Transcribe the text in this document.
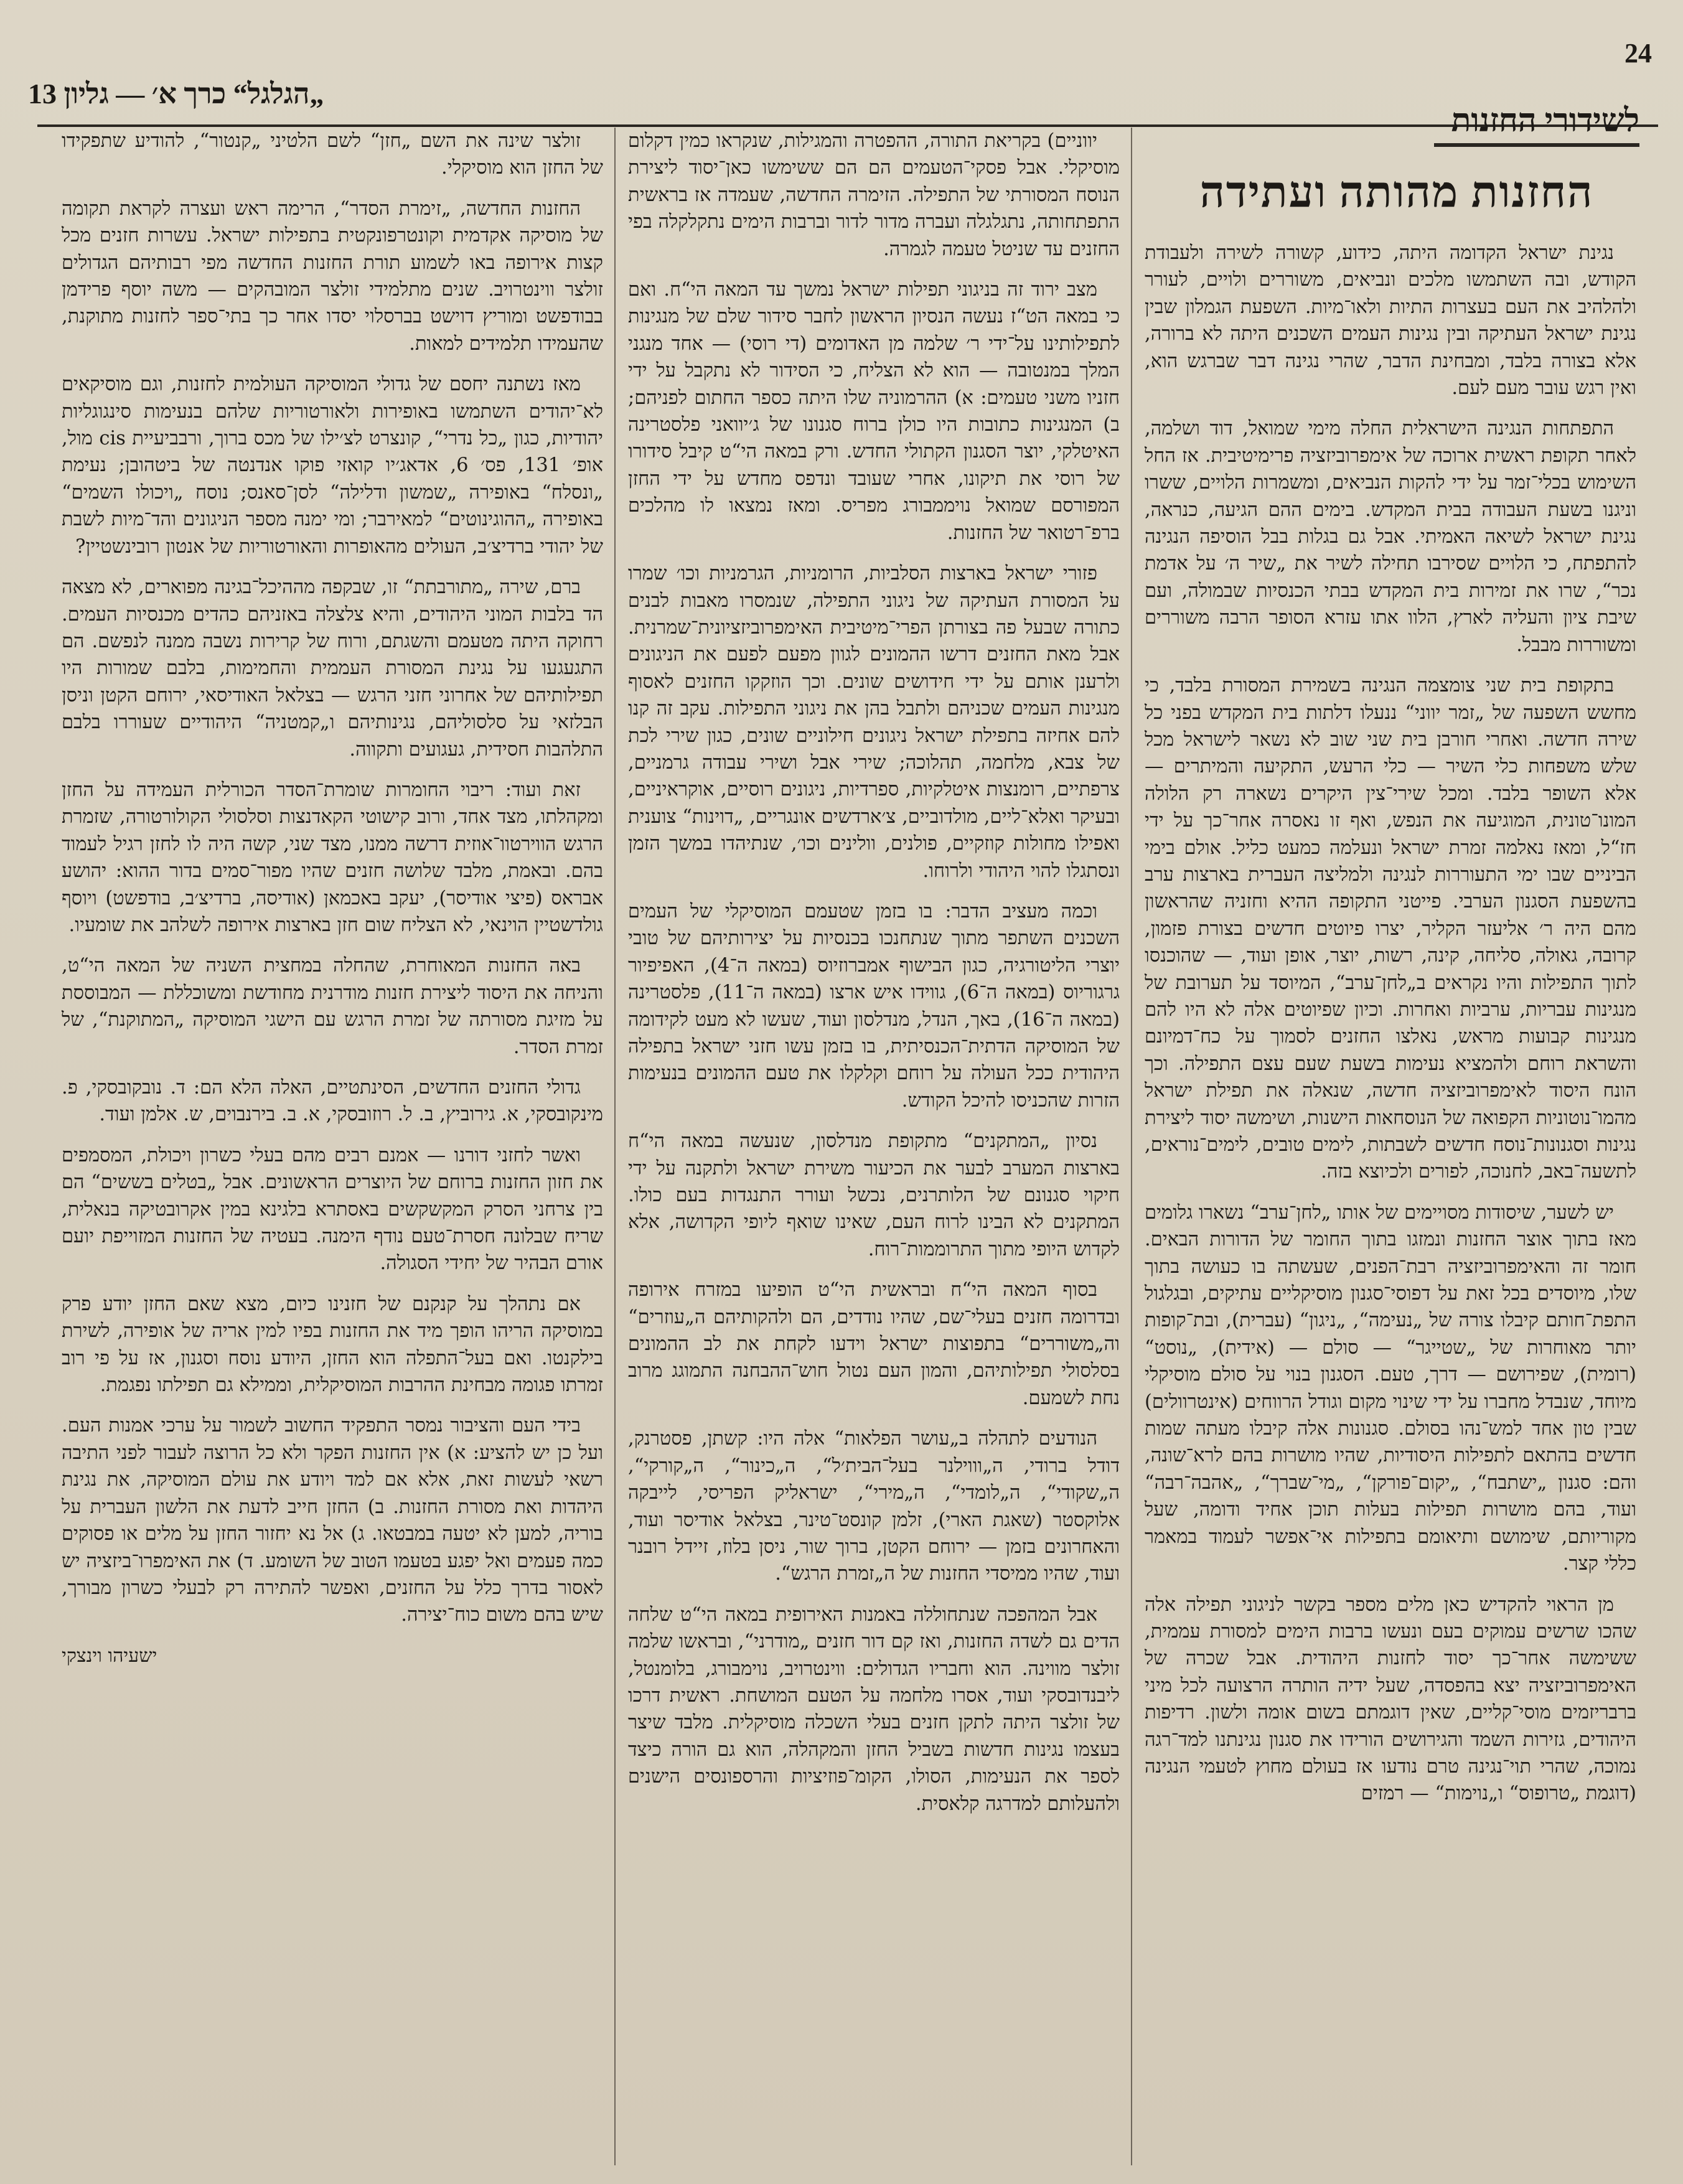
24
„הגלגל“ כרך א׳ — גליון 13
לשידורי החזנות
החזנות מהותה ועתידה

נגינת ישראל הקדומה היתה, כידוע, קשורה לשירה ולעבודת הקודש, ובה השתמשו מלכים ונביאים, משוררים ולויים, לעורר ולהלהיב את העם בעצרות התיות ולאו־מיות. השפעת הגמלון שבין נגינת ישראל העתיקה ובין נגינות העמים השכנים היתה לא ברורה, אלא בצורה בלבד, ומבחינת הדבר, שהרי נגינה דבר שברגש הוא, ואין רגש עובר מעם לעם.

התפתחות הנגינה הישראלית החלה מימי שמואל, דוד ושלמה, לאחר תקופת ראשית ארוכה של אימפרוביזציה פרימיטיבית. אז החל השימוש בכלי־זמר על ידי להקות הנביאים, ומשמרות הלויים, ששרו וניגנו בשעת העבודה בבית המקדש. בימים ההם הגיעה, כנראה, נגינת ישראל לשיאה האמיתי. אבל גם בגלות בבל הוסיפה הנגינה להתפתח, כי הלויים שסירבו תחילה לשיר את „שיר ה׳ על אדמת נכר“, שרו את זמירות בית המקדש בבתי הכנסיות שבמולה, ועם שיבת ציון והעליה לארץ, הלוו אתו עזרא הסופר הרבה משוררים ומשוררות מבבל.

בתקופת בית שני צומצמה הנגינה בשמירת המסורת בלבד, כי מחשש השפעה של „זמר יווני“ ננעלו דלתות בית המקדש בפני כל שירה חדשה. ואחרי חורבן בית שני שוב לא נשאר לישראל מכל שלש משפחות כלי השיר — כלי הרעש, התקיעה והמיתרים — אלא השופר בלבד. ומכל שירי־צין היקרים נשארה רק הלולה המונו־טונית, המוגיעה את הנפש, ואף זו נאסרה אחר־כך על ידי חז“ל, ומאז נאלמה זמרת ישראל ונעלמה כמעט כליל. אולם בימי הביניים שבו ימי התעוררות לנגינה ולמליצה העברית בארצות ערב בהשפעת הסגנון הערבי. פייטני התקופה ההיא וחזניה שהראשון מהם היה ר׳ אליעזר הקליר, יצרו פיוטים חדשים בצורת פזמון, קרובה, גאולה, סליחה, קינה, רשות, יוצר, אופן ועוד, — שהוכנסו לתוך התפילות והיו נקראים ב„לחן־ערב“, המיוסד על תערובת של מנגינות עבריות, ערביות ואחרות. וכיון שפיוטים אלה לא היו להם מנגינות קבועות מראש, נאלצו החזנים לסמוך על כח־דמיונם והשראת רוחם ולהמציא נעימות בשעת שעם עצם התפילה. וכך הונח היסוד לאימפרוביזציה חדשה, שנאלה את תפילת ישראל מהמו־נוטוניות הקפואה של הנוסחאות הישנות, ושימשה יסוד ליצירת נגינות וסגנונות־נוסח חדשים לשבתות, לימים טובים, לימים־נוראים, לתשעה־באב, לחנוכה, לפורים ולכיוצא בזה.

יש לשער, שיסודות מסויימים של אותו „לחן־ערב“ נשארו גלומים מאז בתוך אוצר החזנות ונמזגו בתוך החומר של הדורות הבאים. חומר זה והאימפרוביזציה רבת־הפנים, שעשתה בו כעושה בתוך שלו, מיוסדים בכל זאת על דפוסי־סגנון מוסיקליים עתיקים, ובגלגול התפת־חותם קיבלו צורה של „נעימה“, „ניגון“ (עברית), ובת־קופות יותר מאוחרות של „שטייגר“ — סולם — (אידית), „נוסט“ (רומית), שפירושם — דרך, טעם. הסגנון בנוי על סולם מוסיקלי מיוחד, שנבדל מחברו על ידי שינוי מקום וגודל הרווחים (אינטרוולים) שבין טון אחד למש־נהו בסולם. סגנונות אלה קיבלו מעתה שמות חדשים בהתאם לתפילות היסודיות, שהיו מושרות בהם לרא־שונה, והם: סגנון „ישתבח“, „יקום־פורקן“, „מי־שברך“, „אהבה־רבה“ ועוד, בהם מושרות תפילות בעלות תוכן אחיד ודומה, שעל מקוריותם, שימושם ותיאומם בתפילות אי־אפשר לעמוד במאמר כללי קצר.

מן הראוי להקדיש כאן מלים מספר בקשר לניגוני תפילה אלה שהכו שרשים עמוקים בעם ונעשו ברבות הימים למסורת עממית, ששימשה אחר־כך יסוד לחזנות היהודית. אבל שכרה של האימפרוביזציה יצא בהפסדה, שעל ידיה הותרה הרצועה לכל מיני ברבריזמים מוסי־קליים, שאין דוגמתם בשום אומה ולשון. רדיפות היהודים, גזירות השמד והגירושים הורידו את סגנון נגינתנו למד־רגה נמוכה, שהרי תוי־נגינה טרם נודעו אז בעולם מחוץ לטעמי הנגינה (דוגמת „טרופוס“ ו„נוימות“ — רמזים

יווניים) בקריאת התורה, ההפטרה והמגילות, שנקראו כמין דקלום מוסיקלי. אבל פסקי־הטעמים הם הם ששימשו כאן־יסוד ליצירת הנוסח המסורתי של התפילה. הזימרה החדשה, שעמדה אז בראשית התפתחותה, נתגלגלה ועברה מדור לדור וברבות הימים נתקלקלה בפי החזנים עד שניטל טעמה לגמרה.

מצב ירוד זה בניגוני תפילות ישראל נמשך עד המאה הי“ח. ואם כי במאה הט“ז נעשה הנסיון הראשון לחבר סידור שלם של מנגינות לתפילותינו על־ידי ר׳ שלמה מן האדומים (די רוסי) — אחד מנגני המלך במנטובה — הוא לא הצליח, כי הסידור לא נתקבל על ידי חזניו משני טעמים: א) ההרמוניה שלו היתה כספר החתום לפניהם; ב) המנגינות כתובות היו כולן ברוח סגנונו של ג׳יוואני פלסטרינה האיטלקי, יוצר הסגנון הקתולי החדש. ורק במאה הי“ט קיבל סידורו של רוסי את תיקונו, אחרי שעובד ונדפס מחדש על ידי החזן המפורסם שמואל נויממבורג מפריס. ומאז נמצאו לו מהלכים ברפ־רטואר של החזנות.

פזורי ישראל בארצות הסלביות, הרומניות, הגרמניות וכו׳ שמרו על המסורת העתיקה של ניגוני התפילה, שנמסרו מאבות לבנים כתורה שבעל פה בצורתן הפרי־מיטיבית האימפרוביזציונית־שמרנית. אבל מאת החזנים דרשו ההמונים לגוון מפעם לפעם את הניגונים ולרענן אותם על ידי חידושים שונים. וכך הוזקקו החזנים לאסוף מנגינות העמים שכניהם ולתבל בהן את ניגוני התפילות. עקב זה קנו להם אחיזה בתפילת ישראל ניגונים חילוניים שונים, כגון שירי לכת של צבא, מלחמה, תהלוכה; שירי אבל ושירי עבודה גרמניים, צרפתיים, רומנצות איטלקיות, ספרדיות, ניגונים רוסיים, אוקראיניים, ובעיקר ואלא־ליים, מולדוביים, צ׳ארדשים אונגריים, „דוינות“ צוענית ואפילו מחולות קוזקיים, פולנים, וולינים וכו׳, שנתיהדו במשך הזמן ונסתגלו להוי היהודי ולרוחו.

וכמה מעציב הדבר: בו בזמן שטעמם המוסיקלי של העמים השכנים השתפר מתוך שנתחנכו בכנסיות על יצירותיהם של טובי יוצרי הליטורגיה, כגון הבישוף אמברוזיוס (במאה ה־4), האפיפיור גרגוריוס (במאה ה־6), גווידו איש ארצו (במאה ה־11), פלסטרינה (במאה ה־16), באך, הנדל, מנדלסון ועוד, שעשו לא מעט לקידומה של המוסיקה הדתית־הכנסיתית, בו בזמן עשו חזני ישראל בתפילה היהודית ככל העולה על רוחם וקלקלו את טעם ההמונים בנעימות הזרות שהכניסו להיכל הקודש.

נסיון „המתקנים“ מתקופת מנדלסון, שנעשה במאה הי“ח בארצות המערב לבער את הכיעור משירת ישראל ולתקנה על ידי חיקוי סגנונם של הלותרנים, נכשל ועורר התנגדות בעם כולו. המתקנים לא הבינו לרוח העם, שאינו שואף ליופי הקדושה, אלא לקדוש היופי מתוך התרוממות־רוח.

בסוף המאה הי“ח ובראשית הי“ט הופיעו במזרח אירופה ובדרומה חזנים בעלי־שם, שהיו נודדים, הם ולהקותיהם ה„עוזרים“ וה„משוררים“ בתפוצות ישראל וידעו לקחת את לב ההמונים בסלסולי תפילותיהם, והמון העם נטול חוש־ההבחנה התמוגג מרוב נחת לשמעם.

הנודעים לתהלה ב„עושר הפלאות“ אלה היו: קשתן, פסטרנק, דודל ברודי, ה„וווילנר בעל־הבית׳ל“, ה„כינור“, ה„קורקי“, ה„שקודי“, ה„לומדי“, ה„מירי“, ישראליק הפריסי, לייבקה אלוקסטר (שאגת הארי), זלמן קונסט־טינר, בצלאל אודיסר ועוד, והאחרונים בזמן — ירוחם הקטן, ברוך שור, ניסן בלוז, זיידל רובנר ועוד, שהיו ממיסדי החזנות של ה„זמרת הרגש“.

אבל המהפכה שנתחוללה באמנות האירופית במאה הי“ט שלחה הדים גם לשדה החזנות, ואז קם דור חזנים „מודרני“, ובראשו שלמה זולצר מווינה. הוא וחבריו הגדולים: ווינטרויב, נוימבורג, בלומנטל, ליבנדובסקי ועוד, אסרו מלחמה על הטעם המושחת. ראשית דרכו של זולצר היתה לתקן חזנים בעלי השכלה מוסיקלית. מלבד שיצר בעצמו נגינות חדשות בשביל החזן והמקהלה, הוא גם הורה כיצד לספר את הנעימות, הסולו, הקומ־פוזיציות והרספונסים הישנים ולהעלותם למדרגה קלאסית.

זולצר שינה את השם „חזן“ לשם הלטיני „קנטור“, להודיע שתפקידו של החזן הוא מוסיקלי.

החזנות החדשה, „זימרת הסדר“, הרימה ראש ועצרה לקראת תקומה של מוסיקה אקדמית וקונטרפונקטית בתפילות ישראל. עשרות חזנים מכל קצות אירופה באו לשמוע תורת החזנות החדשה מפי רבותיהם הגדולים זולצר ווינטרויב. שנים מתלמידי זולצר המובהקים — משה יוסף פרידמן בבודפשט ומוריץ דוישט בברסלוי יסדו אחר כך בתי־ספר לחזנות מתוקנת, שהעמידו תלמידים למאות.

מאז נשתנה יחסם של גדולי המוסיקה העולמית לחזנות, וגם מוסיקאים לא־יהודים השתמשו באופירות ולאורטוריות שלהם בנעימות סינגוגליות יהודיות, כגון „כל נדרי“, קונצרט לצ׳ילו של מכס ברוך, ורבביעיית cis מול, אופ׳ 131, פס׳ 6, אדאג׳יו קואזי פוקו אנדנטה של ביטהובן; נעימת „ונסלח“ באופירה „שמשון ודלילה“ לסן־סאנס; נוסח „ויכולו השמים“ באופירה „ההוגינוטים“ למאירבר; ומי ימנה מספר הניגונים והד־מיות לשבת של יהודי ברדיצ׳ב, העולים מהאופרות והאורטוריות של אנטון רובינשטיין?

ברם, שירה „מתורבתת“ זו, שבקפה מההיכל־בגינה מפוארים, לא מצאה הד בלבות המוני היהודים, והיא צלצלה באזניהם כהדים מכנסיות העמים. רחוקה היתה מטעמם והשגתם, ורוח של קרירות נשבה ממנה לנפשם. הם התגעגעו על נגינת המסורת העממית והחמימות, בלבם שמורות היו תפילותיהם של אחרוני חזני הרגש — בצלאל האודיסאי, ירוחם הקטן וניסן הבלזאי על סלסוליהם, נגינותיהם ו„קמטניה“ היהודיים שעוררו בלבם התלהבות חסידית, געגועים ותקווה.

זאת ועוד: ריבוי החומרות שומרת־הסדר הכורלית העמידה על החזן ומקהלתו, מצד אחד, ורוב קישוטי הקאדנצות וסלסולי הקולורטורה, שזמרת הרגש הווירטוו־אוזית דרשה ממנו, מצד שני, קשה היה לו לחזן רגיל לעמוד בהם. ובאמת, מלבד שלושה חזנים שהיו מפור־סמים בדור ההוא: יהושע אבראס (פיצי אודיסר), יעקב באכמאן (אודיסה, ברדיצ׳ב, בודפשט) ויוסף גולדשטיין הוינאי, לא הצליח שום חזן בארצות אירופה לשלהב את שומעיו.

באה החזנות המאוחרת, שהחלה במחצית השניה של המאה הי“ט, והניחה את היסוד ליצירת חזנות מודרנית מחודשת ומשוכללת — המבוססת על מזיגת מסורתה של זמרת הרגש עם הישגי המוסיקה „המתוקנת“, של זמרת הסדר.

גדולי החזנים החדשים, הסינתטיים, האלה הלא הם: ד. נובקובסקי, פ. מינקובסקי, א. גירוביץ, ב. ל. רוזובסקי, א. ב. בירנבוים, ש. אלמן ועוד.

ואשר לחזני דורנו — אמנם רבים מהם בעלי כשרון ויכולת, המסמפים את חזון החזנות ברוחם של היוצרים הראשונים. אבל „בטלים בששים“ הם בין צרחני הסרק המקשקשים באסתרא בלגינא במין אקרובטיקה בנאלית, שריח שבלונה חסרת־טעם נודף הימנה. בעטיה של החזנות המזוייפת יועם אורם הבהיר של יחידי הסגולה.

אם נתהלך על קנקנם של חזנינו כיום, מצא שאם החזן יודע פרק במוסיקה הריהו הופך מיד את החזנות בפיו למין אריה של אופירה, לשירת בילקנטו. ואם בעל־התפלה הוא החזן, היודע נוסח וסגנון, אז על פי רוב זמרתו פגומה מבחינת ההרבות המוסיקלית, וממילא גם תפילתו נפגמת.

בידי העם והציבור נמסר התפקיד החשוב לשמור על ערכי אמנות העם. ועל כן יש להציע: א) אין החזנות הפקר ולא כל הרוצה לעבור לפני התיבה רשאי לעשות זאת, אלא אם למד ויודע את עולם המוסיקה, את נגינת היהדות ואת מסורת החזנות. ב) החזן חייב לדעת את הלשון העברית על בוריה, למען לא יטעה במבטאו. ג) אל נא יחזור החזן על מלים או פסוקים כמה פעמים ואל יפגע בטעמו הטוב של השומע. ד) את האימפרו־ביזציה יש לאסור בדרך כלל על החזנים, ואפשר להתירה רק לבעלי כשרון מבורך, שיש בהם משום כוח־יצירה.

ישעיהו וינצקי
